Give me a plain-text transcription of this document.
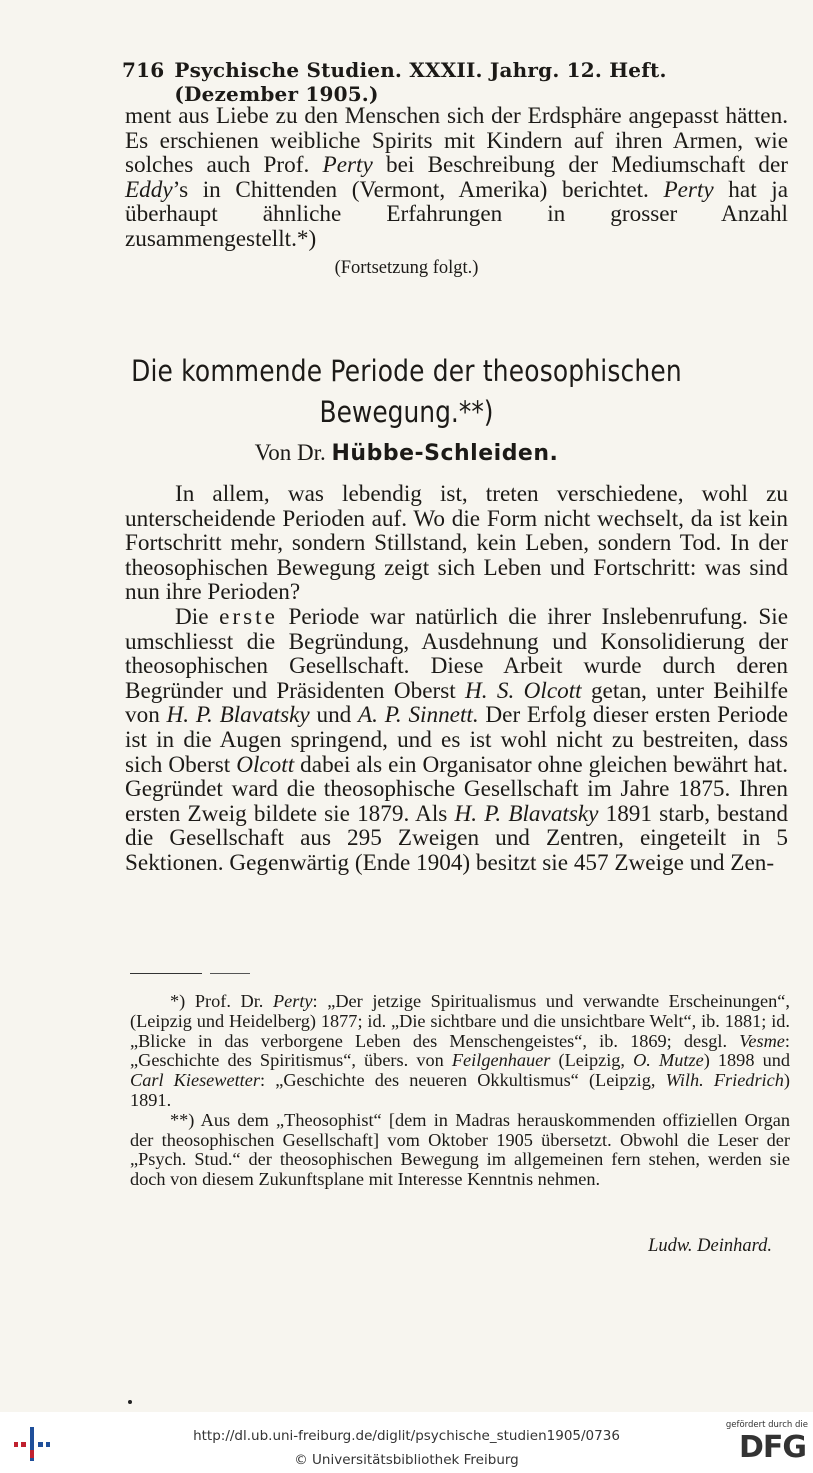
716 Psychische Studien. XXXII. Jahrg. 12. Heft. (Dezember 1905.)
ment aus Liebe zu den Menschen sich der Erdsphäre angepasst hätten. Es erschienen weibliche Spirits mit Kindern auf ihren Armen, wie solches auch Prof. Perty bei Beschreibung der Mediumschaft der Eddy’s in Chittenden (Vermont, Amerika) berichtet. Perty hat ja überhaupt ähnliche Erfahrungen in grosser Anzahl zusammengestellt.*)
(Fortsetzung folgt.)
Die kommende Periode der theosophischen
Bewegung.**)
Von Dr. Hübbe-Schleiden.

In allem, was lebendig ist, treten verschiedene, wohl zu unterscheidende Perioden auf. Wo die Form nicht wechselt, da ist kein Fortschritt mehr, sondern Stillstand, kein Leben, sondern Tod. In der theosophischen Bewegung zeigt sich Leben und Fortschritt: was sind nun ihre Perioden?

Die erste Periode war natürlich die ihrer Inslebenrufung. Sie umschliesst die Begründung, Ausdehnung und Konsolidierung der theosophischen Gesellschaft. Diese Arbeit wurde durch deren Begründer und Präsidenten Oberst H. S. Olcott getan, unter Beihilfe von H. P. Blavatsky und A. P. Sinnett. Der Erfolg dieser ersten Periode ist in die Augen springend, und es ist wohl nicht zu bestreiten, dass sich Oberst Olcott dabei als ein Organisator ohne gleichen bewährt hat. Gegründet ward die theosophische Gesellschaft im Jahre 1875. Ihren ersten Zweig bildete sie 1879. Als H. P. Blavatsky 1891 starb, bestand die Gesellschaft aus 295 Zweigen und Zentren, eingeteilt in 5 Sektionen. Gegenwärtig (Ende 1904) besitzt sie 457 Zweige und Zen-

*) Prof. Dr. Perty: „Der jetzige Spiritualismus und verwandte Erscheinungen“, (Leipzig und Heidelberg) 1877; id. „Die sichtbare und die unsichtbare Welt“, ib. 1881; id. „Blicke in das verborgene Leben des Menschengeistes“, ib. 1869; desgl. Vesme: „Geschichte des Spiritismus“, übers. von Feilgenhauer (Leipzig, O. Mutze) 1898 und Carl Kiesewetter: „Geschichte des neueren Okkultismus“ (Leipzig, Wilh. Friedrich) 1891.

**) Aus dem „Theosophist“ [dem in Madras herauskommenden offiziellen Organ der theosophischen Gesellschaft] vom Oktober 1905 übersetzt. Obwohl die Leser der „Psych. Stud.“ der theosophischen Bewegung im allgemeinen fern stehen, werden sie doch von diesem Zukunftsplane mit Interesse Kenntnis nehmen.

Ludw. Deinhard.
http://dl.ub.uni-freiburg.de/diglit/psychische_studien1905/0736
© Universitätsbibliothek Freiburg
gefördert durch die
DFG
